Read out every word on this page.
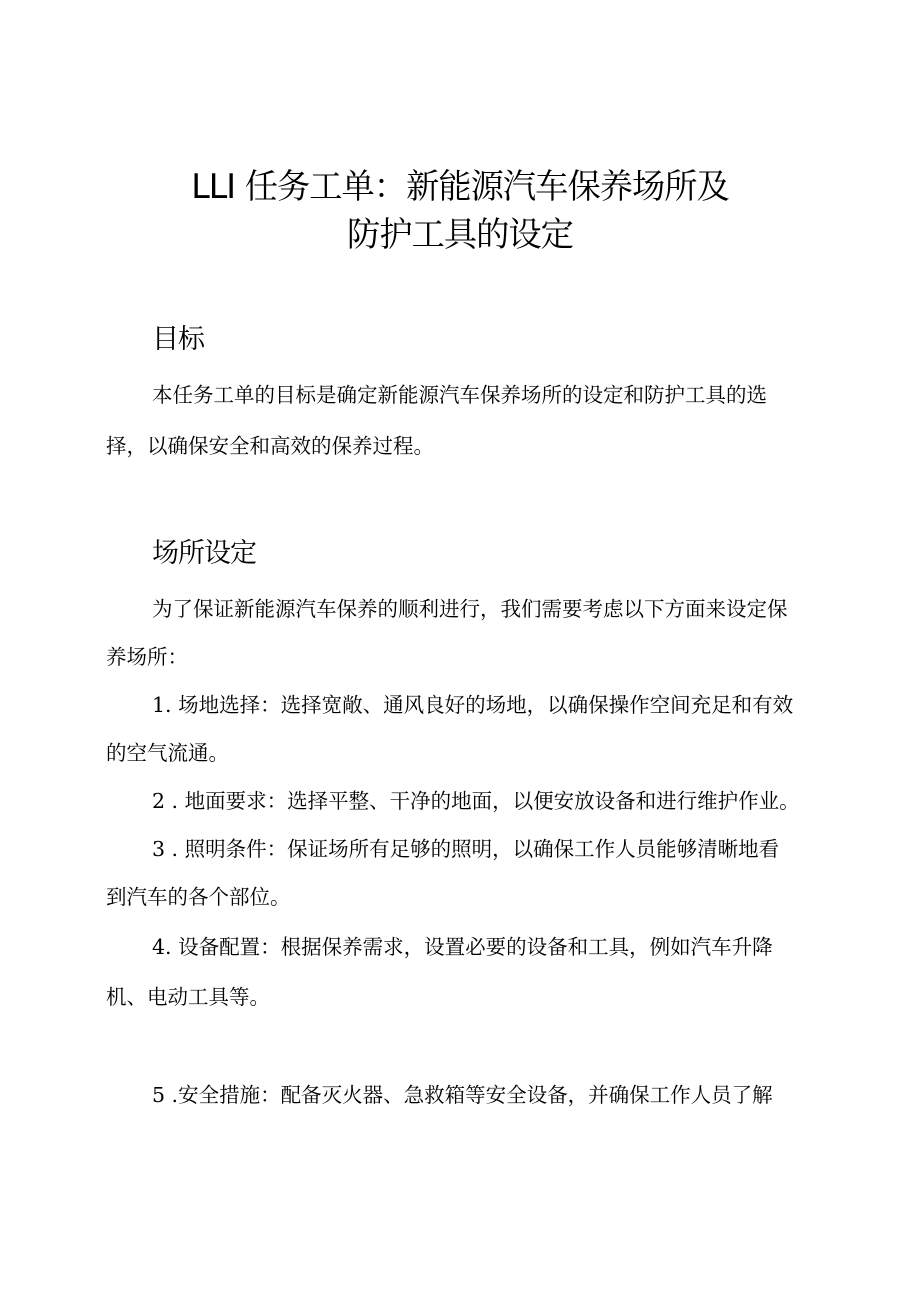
LLI 任务工单：新能源汽车保养场所及
防护工具的设定
目标
本任务工单的目标是确定新能源汽车保养场所的设定和防护工具的选
择，以确保安全和高效的保养过程。
场所设定
为了保证新能源汽车保养的顺利进行，我们需要考虑以下方面来设定保
养场所：
1. 场地选择：选择宽敞、通风良好的场地，以确保操作空间充足和有效
的空气流通。
2 . 地面要求：选择平整、干净的地面，以便安放设备和进行维护作业。
3 . 照明条件：保证场所有足够的照明，以确保工作人员能够清晰地看
到汽车的各个部位。
4. 设备配置：根据保养需求，设置必要的设备和工具，例如汽车升降
机、电动工具等。
5 .安全措施：配备灭火器、急救箱等安全设备，并确保工作人员了解
